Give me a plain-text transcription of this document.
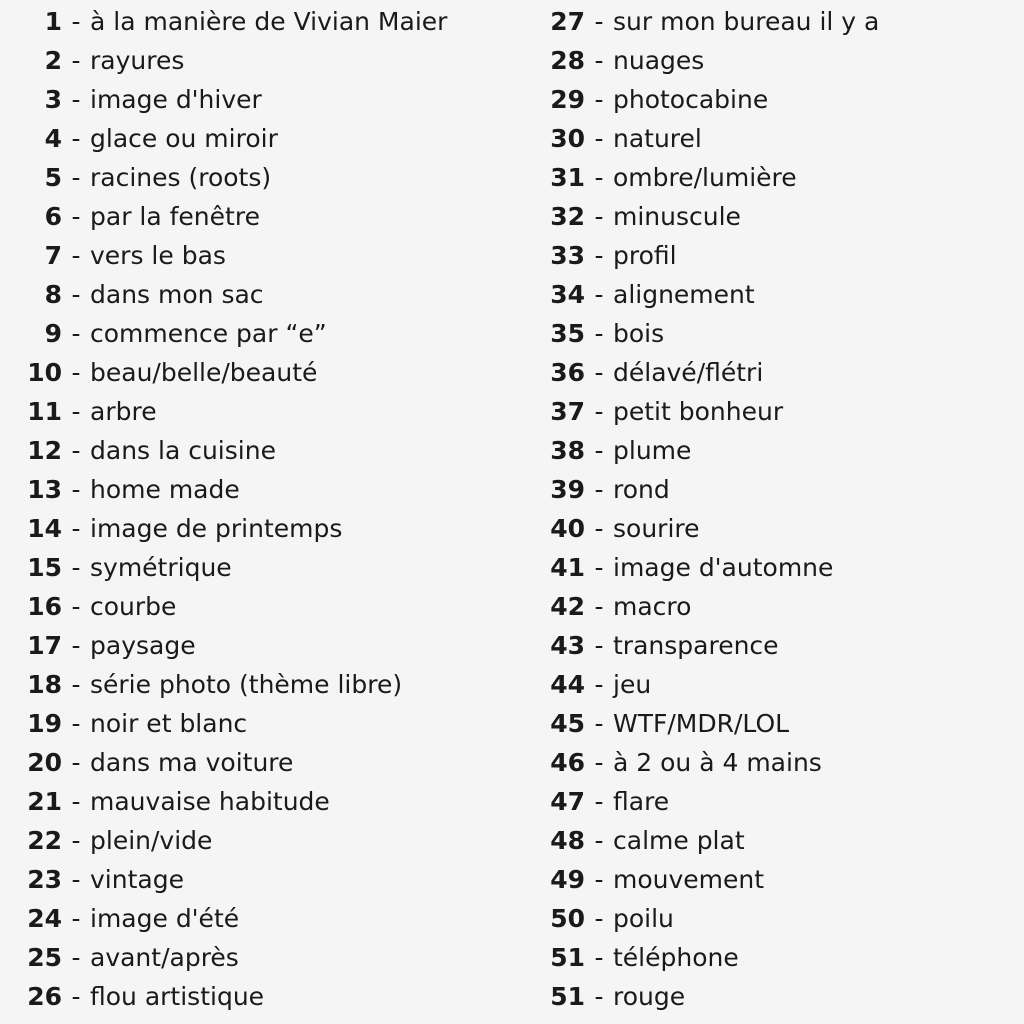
1 - à la manière de Vivian Maier
2 - rayures
3 - image d'hiver
4 - glace ou miroir
5 - racines (roots)
6 - par la fenêtre
7 - vers le bas
8 - dans mon sac
9 - commence par “e”
10 - beau/belle/beauté
11 - arbre
12 - dans la cuisine
13 - home made
14 - image de printemps
15 - symétrique
16 - courbe
17 - paysage
18 - série photo (thème libre)
19 - noir et blanc
20 - dans ma voiture
21 - mauvaise habitude
22 - plein/vide
23 - vintage
24 - image d'été
25 - avant/après
26 - flou artistique
27 - sur mon bureau il y a
28 - nuages
29 - photocabine
30 - naturel
31 - ombre/lumière
32 - minuscule
33 - profil
34 - alignement
35 - bois
36 - délavé/flétri
37 - petit bonheur
38 - plume
39 - rond
40 - sourire
41 - image d'automne
42 - macro
43 - transparence
44 - jeu
45 - WTF/MDR/LOL
46 - à 2 ou à 4 mains
47 - flare
48 - calme plat
49 - mouvement
50 - poilu
51 - téléphone
51 - rouge
